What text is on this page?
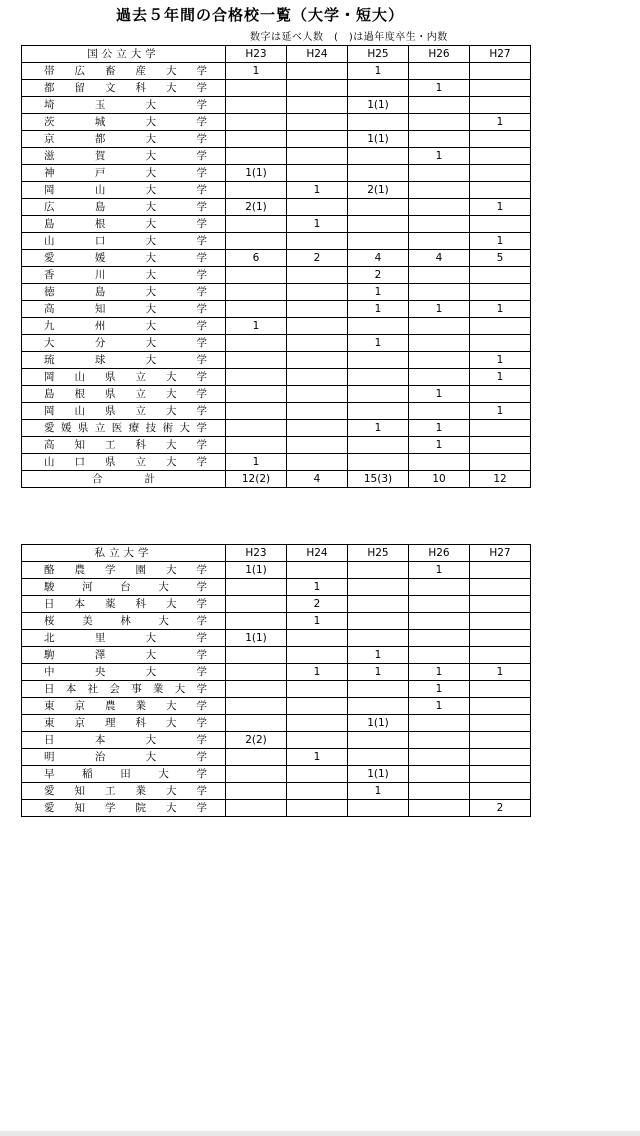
過去５年間の合格校一覧（大学・短大）
数字は延べ人数　(　)は過年度卒生・内数
国公立大学	H23	H24	H25	H26	H27

帯広畜産大学	1		1		

都留文科大学				1	

埼玉大学			1(1)		

茨城大学					1

京都大学			1(1)		

滋賀大学				1	

神戸大学	1(1)				

岡山大学		1	2(1)		

広島大学	2(1)				1

島根大学		1			

山口大学					1

愛媛大学	6	2	4	4	5

香川大学			2		

徳島大学			1		

高知大学			1	1	1

九州大学	1				

大分大学			1		

琉球大学					1

岡山県立大学					1

島根県立大学				1	

岡山県立大学					1

愛媛県立医療技術大学			1	1	

高知工科大学				1	

山口県立大学	1				

合計	12(2)	4	15(3)	10	12
私立大学	H23	H24	H25	H26	H27

酪農学園大学	1(1)			1	

駿河台大学		1			

日本薬科大学		2			

桜美林大学		1			

北里大学	1(1)				

駒澤大学			1		

中央大学		1	1	1	1

日本社会事業大学				1	

東京農業大学				1	

東京理科大学			1(1)		

日本大学	2(2)				

明治大学		1			

早稲田大学			1(1)		

愛知工業大学			1		

愛知学院大学					2
